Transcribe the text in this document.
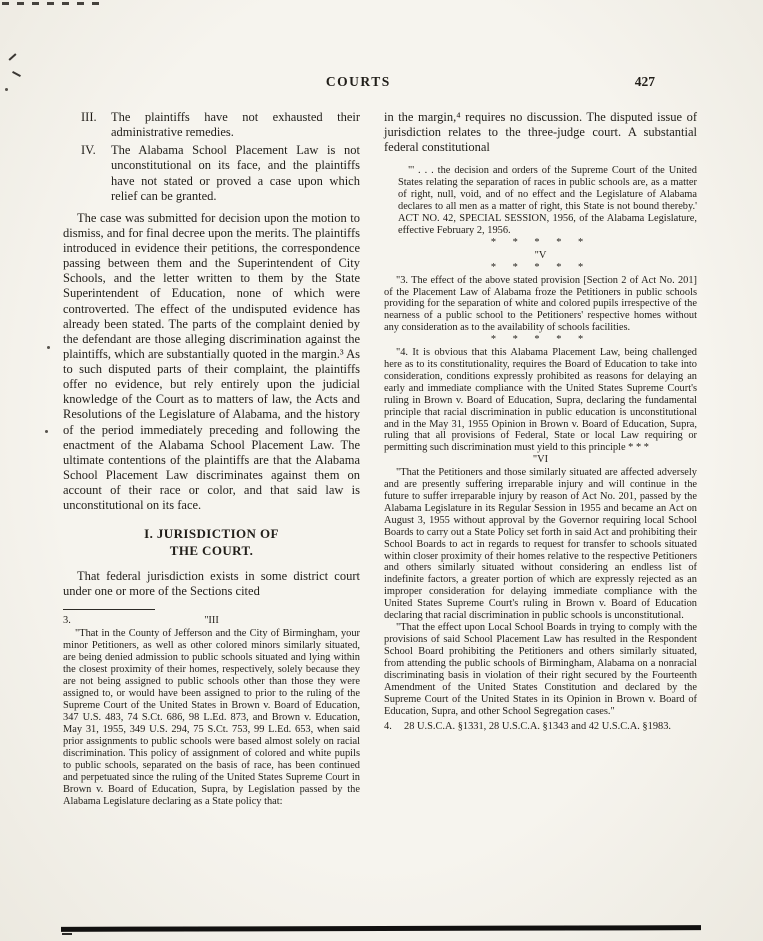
COURTS	427
III.	The plaintiffs have not exhausted their administrative remedies.
IV.	The Alabama School Placement Law is not unconstitutional on its face, and the plaintiffs have not stated or proved a case upon which relief can be granted.

The case was submitted for decision upon the motion to dismiss, and for final decree upon the merits. The plaintiffs introduced in evidence their petitions, the correspondence passing between them and the Superintendent of City Schools, and the letter written to them by the State Superintendent of Education, none of which were controverted. The effect of the undisputed evidence has already been stated. The parts of the complaint denied by the defendant are those alleging discrimination against the plaintiffs, which are substantially quoted in the margin.³ As to such disputed parts of their complaint, the plaintiffs offer no evidence, but rely entirely upon the judicial knowledge of the Court as to matters of law, the Acts and Resolutions of the Legislature of Alabama, and the history of the period immediately preceding and following the enactment of the Alabama School Placement Law. The ultimate contentions of the plaintiffs are that the Alabama School Placement Law discriminates against them on account of their race or color, and that said law is unconstitutional on its face.

I. JURISDICTION OF
THE COURT.

That federal jurisdiction exists in some district court under one or more of the Sections cited

3.	"III

"That in the County of Jefferson and the City of Birmingham, your minor Petitioners, as well as other colored minors similarly situated, are being denied admission to public schools situated and lying within the closest proximity of their homes, respectively, solely because they are not being assigned to public schools other than those they were assigned to, or would have been assigned to prior to the ruling of the Supreme Court of the United States in Brown v. Board of Education, 347 U.S. 483, 74 S.Ct. 686, 98 L.Ed. 873, and Brown v. Education, May 31, 1955, 349 U.S. 294, 75 S.Ct. 753, 99 L.Ed. 653, when said prior assignments to public schools were based almost solely on racial discrimination. This policy of assignment of colored and white pupils to public schools, separated on the basis of race, has been continued and perpetuated since the ruling of the United States Supreme Court in Brown v. Board of Education, Supra, by Legislation passed by the Alabama Legislature declaring as a State policy that:

in the margin,⁴ requires no discussion. The disputed issue of jurisdiction relates to the three-judge court. A substantial federal constitutional

"' . . . the decision and orders of the Supreme Court of the United States relating the separation of races in public schools are, as a matter of right, null, void, and of no effect and the Legislature of Alabama declares to all men as a matter of right, this State is not bound thereby.' ACT NO. 42, SPECIAL SESSION, 1956, of the Alabama Legislature, effective February 2, 1956.

* * * * *
"V
* * * * *

"3. The effect of the above stated provision [Section 2 of Act No. 201] of the Placement Law of Alabama froze the Petitioners in public schools providing for the separation of white and colored pupils irrespective of the nearness of a public school to the Petitioners' respective homes without any consideration as to the availability of schools facilities.

* * * * *

"4. It is obvious that this Alabama Placement Law, being challenged here as to its constitutionality, requires the Board of Education to take into consideration, conditions expressly prohibited as reasons for delaying an early and immediate compliance with the United States Supreme Court's ruling in Brown v. Board of Education, Supra, declaring the fundamental principle that racial discrimination in public education is unconstitutional and in the May 31, 1955 Opinion in Brown v. Board of Education, Supra, ruling that all provisions of Federal, State or local Law requiring or permitting such discrimination must yield to this principle * * *

"VI

"That the Petitioners and those similarly situated are affected adversely and are presently suffering irreparable injury and will continue in the future to suffer irreparable injury by reason of Act No. 201, passed by the Alabama Legislature in its Regular Session in 1955 and became an Act on August 3, 1955 without approval by the Governor requiring local School Boards to carry out a State Policy set forth in said Act and prohibiting their School Boards to act in regards to request for transfer to schools situated within closer proximity of their homes relative to the respective Petitioners and others similarly situated without considering an endless list of indefinite factors, a greater portion of which are expressly rejected as an improper consideration for delaying immediate compliance with the United States Supreme Court's ruling in Brown v. Board of Education declaring that racial discrimination in public schools is unconstitutional.

"That the effect upon Local School Boards in trying to comply with the provisions of said School Placement Law has resulted in the Respondent School Board prohibiting the Petitioners and others similarly situated, from attending the public schools of Birmingham, Alabama on a nonracial discriminating basis in violation of their right secured by the Fourteenth Amendment of the United States Constitution and declared by the Supreme Court of the United States in its Opinion in Brown v. Board of Education, Supra, and other School Segregation cases."

4.	28 U.S.C.A. §1331, 28 U.S.C.A. §1343 and 42 U.S.C.A. §1983.
